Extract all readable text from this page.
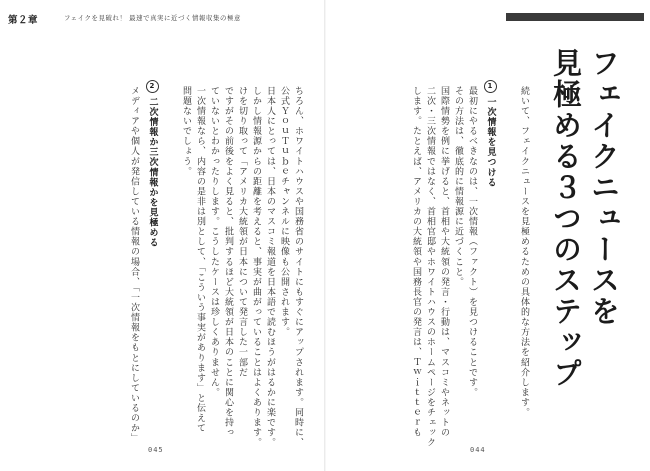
第２章	フェイクを見破れ！ 最速で真実に近づく情報収集の極意
フェイクニュースを
見極める３つのステップ
続いて、フェイクニュースを見極めるための具体的な方法を紹介します。
1一次情報を見つける
最初にやるべきなのは、一次情報（ファクト）を見つけることです。
その方法は、徹底的に情報源に近づくこと。
国際情勢を例に挙げると、首相や大統領の発言・行動は、マスコミやネットの
二次・三次情報ではなく、首相官邸やホワイトハウスのホームページをチェック
します。たとえば、アメリカの大統領や国務長官の発言は、Ｔｗｉｔｔｅｒも
044
ちろん、ホワイトハウスや国務省のサイトにもすぐにアップされます。同時に、
公式ＹｏｕＴｕｂｅチャンネルに映像も公開されます。
日本人にとっては、日本のマスコミ報道を日本語で読むほうがはるかに楽です。
しかし情報源からの距離を考えると、事実が曲がっていることはよくあります。
けを切り取って「アメリカ大統領が日本について発言した一部だ
ですがその前後をよく見ると、批判するほど大統領が日本のことに関心を持っ
ていないとわかったりします。こうしたケースは珍しくありません。
一次情報なら、内容の是非は別として、「こういう事実があります」と伝えて
問題ないでしょう。
2二次情報か三次情報かを見極める
メディアや個人が発信している情報の場合、「一次情報をもとにしているのか」
045
